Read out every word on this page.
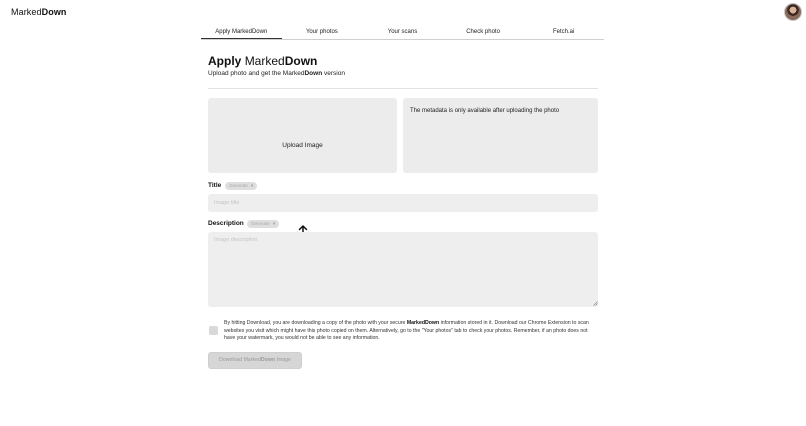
MarkedDown
Apply MarkedDown	Your photos	Your scans	Check photo	Fetch.ai
Apply MarkedDown
Upload photo and get the MarkedDown version
Upload Image
The metadata is only available after uploading the photo
Title	Generate ×
Image title
Description	Generate ×
Image description
By hitting Download, you are downloading a copy of the photo with your secure MarkedDown information stored in it. Download our Chrome Extension to scan websites you visit which might have this photo copied on them. Alternatively, go to the "Your photos" tab to check your photos. Remember, if an photo does not have your watermark, you would not be able to see any information.
Download MarkedDown Image
